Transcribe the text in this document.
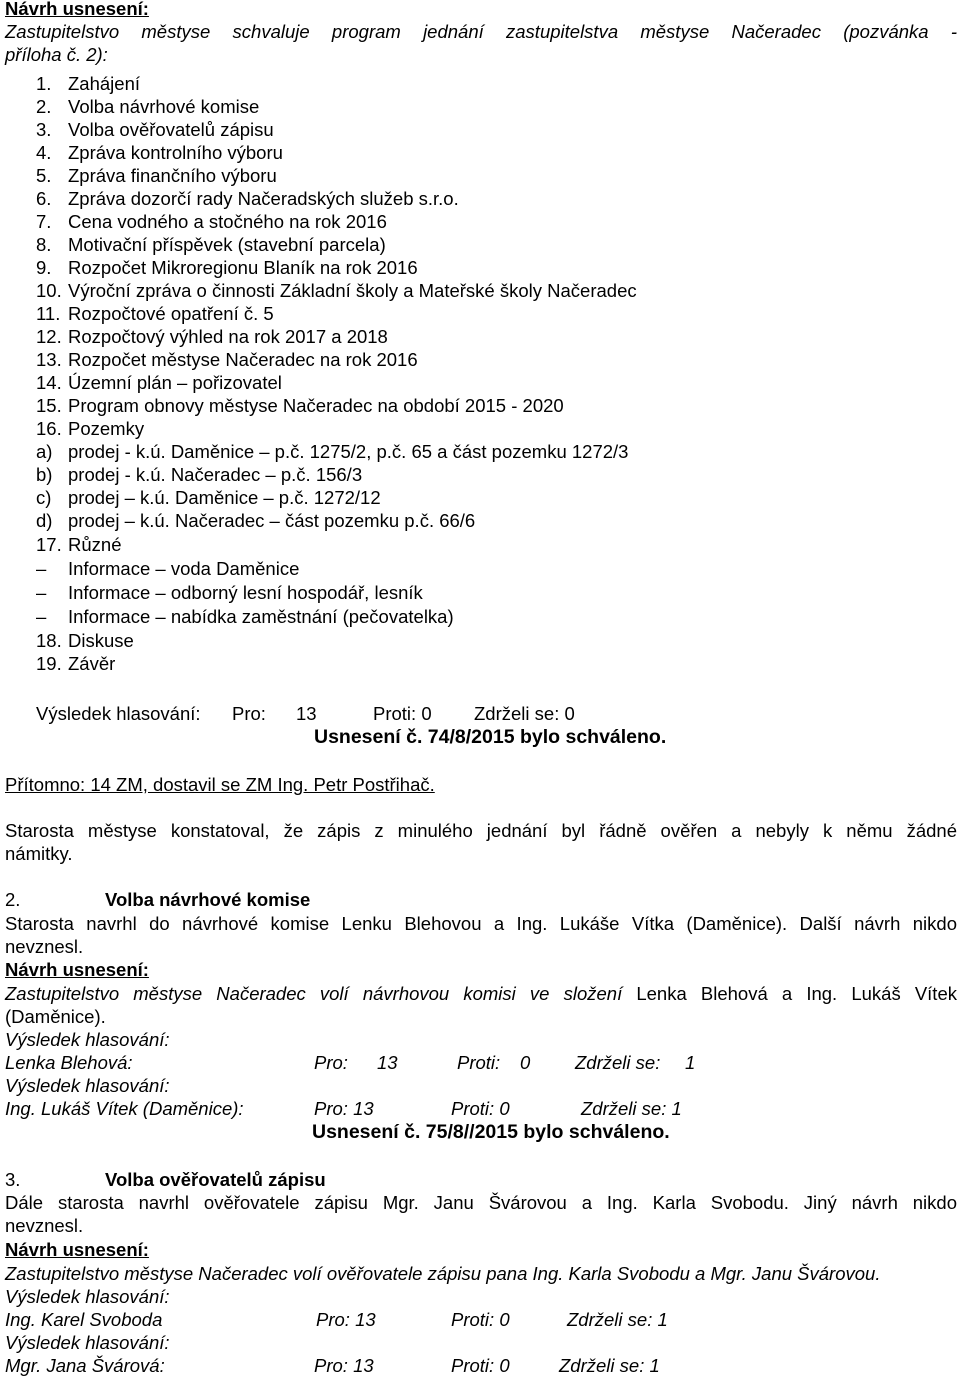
Návrh usnesení:
Zastupitelstvo městyse schvaluje program jednání zastupitelstva městyse Načeradec (pozvánka -
příloha č. 2):
1. Zahájení
2. Volba návrhové komise
3. Volba ověřovatelů zápisu
4. Zpráva kontrolního výboru
5. Zpráva finančního výboru
6. Zpráva dozorčí rady Načeradských služeb s.r.o.
7. Cena vodného a stočného na rok 2016
8. Motivační příspěvek (stavební parcela)
9. Rozpočet Mikroregionu Blaník na rok 2016
10. Výroční zpráva o činnosti Základní školy a Mateřské školy Načeradec
11. Rozpočtové opatření č. 5
12. Rozpočtový výhled na rok 2017 a 2018
13. Rozpočet městyse Načeradec na rok 2016
14. Územní plán – pořizovatel
15. Program obnovy městyse Načeradec na období 2015 - 2020
16. Pozemky
a) prodej - k.ú. Daměnice – p.č. 1275/2, p.č. 65 a část pozemku 1272/3
b) prodej - k.ú. Načeradec – p.č. 156/3
c) prodej – k.ú. Daměnice – p.č. 1272/12
d) prodej – k.ú. Načeradec – část pozemku p.č. 66/6
17. Různé
– Informace – voda Daměnice
– Informace – odborný lesní hospodář, lesník
– Informace – nabídka zaměstnání (pečovatelka)
18. Diskuse
19. Závěr
Výsledek hlasování: Pro: 13	Proti: 0 Zdrželi se: 0
Usnesení č. 74/8/2015 bylo schváleno.
Přítomno: 14 ZM, dostavil se ZM Ing. Petr Postřihač.
Starosta městyse konstatoval, že zápis z minulého jednání byl řádně ověřen a nebyly k němu žádné
námitky.
2.	Volba návrhové komise
Starosta navrhl do návrhové komise Lenku Blehovou a Ing. Lukáše Vítka (Daměnice). Další návrh nikdo
nevznesl.
Návrh usnesení:
Zastupitelstvo městyse Načeradec volí návrhovou komisi ve složení Lenka Blehová a Ing. Lukáš Vítek
(Daměnice).
Výsledek hlasování:
Lenka Blehová:	Pro: 13	Proti: 0 Zdrželi se: 1
Výsledek hlasování:
Ing. Lukáš Vítek (Daměnice):	Pro: 13	Proti: 0	Zdrželi se: 1
Usnesení č. 75/8//2015 bylo schváleno.
3.	Volba ověřovatelů zápisu
Dále starosta navrhl ověřovatele zápisu Mgr. Janu Švárovou a Ing. Karla Svobodu. Jiný návrh nikdo
nevznesl.
Návrh usnesení:
Zastupitelstvo městyse Načeradec volí ověřovatele zápisu pana Ing. Karla Svobodu a Mgr. Janu Švárovou.
Výsledek hlasování:
Ing. Karel Svoboda	Pro: 13	Proti: 0	Zdrželi se: 1
Výsledek hlasování:
Mgr. Jana Švárová:	Pro: 13	Proti: 0	Zdrželi se: 1
